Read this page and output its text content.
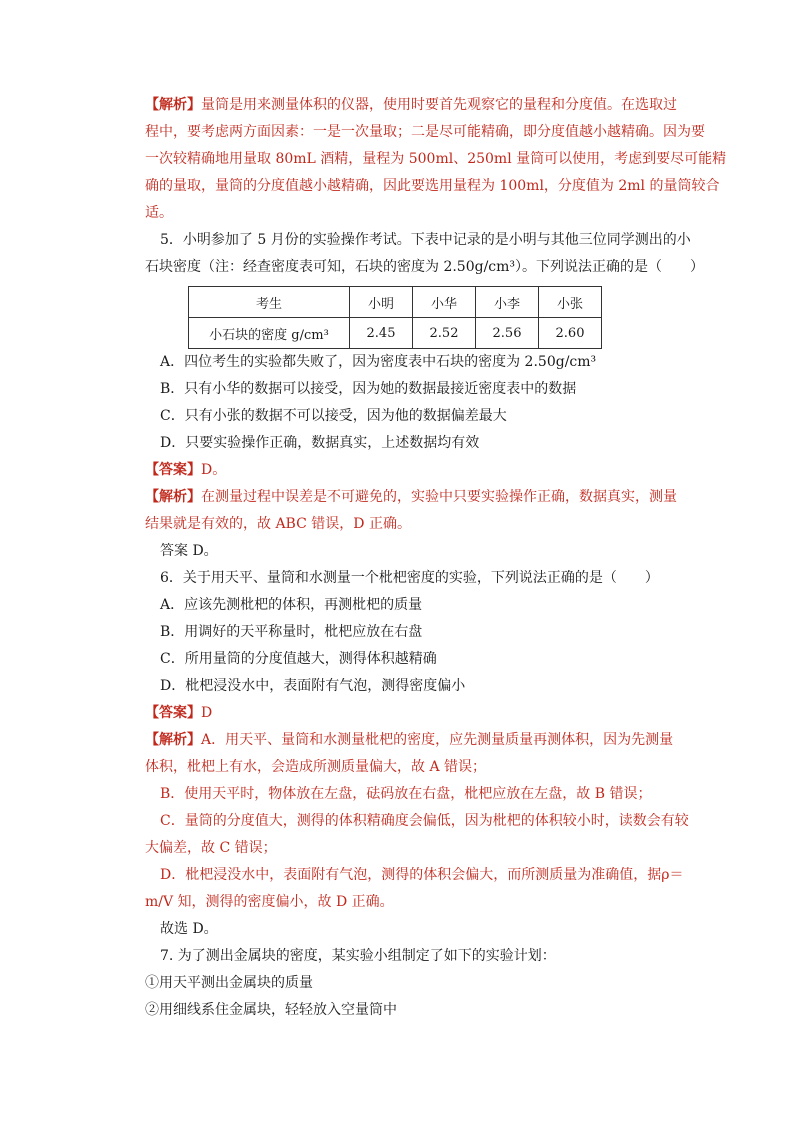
【解析】量筒是用来测量体积的仪器，使用时要首先观察它的量程和分度值。在选取过
程中，要考虑两方面因素：一是一次量取；二是尽可能精确，即分度值越小越精确。因为要
一次较精确地用量取 80mL 酒精，量程为 500ml、250ml 量筒可以使用，考虑到要尽可能精
确的量取，量筒的分度值越小越精确，因此要选用量程为 100ml，分度值为 2ml 的量筒较合
适。
5．小明参加了 5 月份的实验操作考试。下表中记录的是小明与其他三位同学测出的小
石块密度（注：经查密度表可知，石块的密度为 2.50g/cm³）。下列说法正确的是（　　）
考生	小明	小华	小李	小张
小石块的密度 g/cm³	2.45	2.52	2.56	2.60
A．四位考生的实验都失败了，因为密度表中石块的密度为 2.50g/cm³
B．只有小华的数据可以接受，因为她的数据最接近密度表中的数据
C．只有小张的数据不可以接受，因为他的数据偏差最大
D．只要实验操作正确，数据真实，上述数据均有效
【答案】D。
【解析】在测量过程中误差是不可避免的，实验中只要实验操作正确，数据真实，测量
结果就是有效的，故 ABC 错误，D 正确。
答案 D。
6．关于用天平、量筒和水测量一个枇杷密度的实验，下列说法正确的是（　　）
A．应该先测枇杷的体积，再测枇杷的质量
B．用调好的天平称量时，枇杷应放在右盘
C．所用量筒的分度值越大，测得体积越精确
D．枇杷浸没水中，表面附有气泡，测得密度偏小
【答案】D
【解析】A．用天平、量筒和水测量枇杷的密度，应先测量质量再测体积，因为先测量
体积，枇杷上有水，会造成所测质量偏大，故 A 错误；
B．使用天平时，物体放在左盘，砝码放在右盘，枇杷应放在左盘，故 B 错误；
C．量筒的分度值大，测得的体积精确度会偏低，因为枇杷的体积较小时，读数会有较
大偏差，故 C 错误；
D．枇杷浸没水中，表面附有气泡，测得的体积会偏大，而所测质量为准确值，据ρ＝
m/V 知，测得的密度偏小，故 D 正确。
故选 D。
7. 为了测出金属块的密度，某实验小组制定了如下的实验计划：
①用天平测出金属块的质量
②用细线系住金属块，轻轻放入空量筒中
